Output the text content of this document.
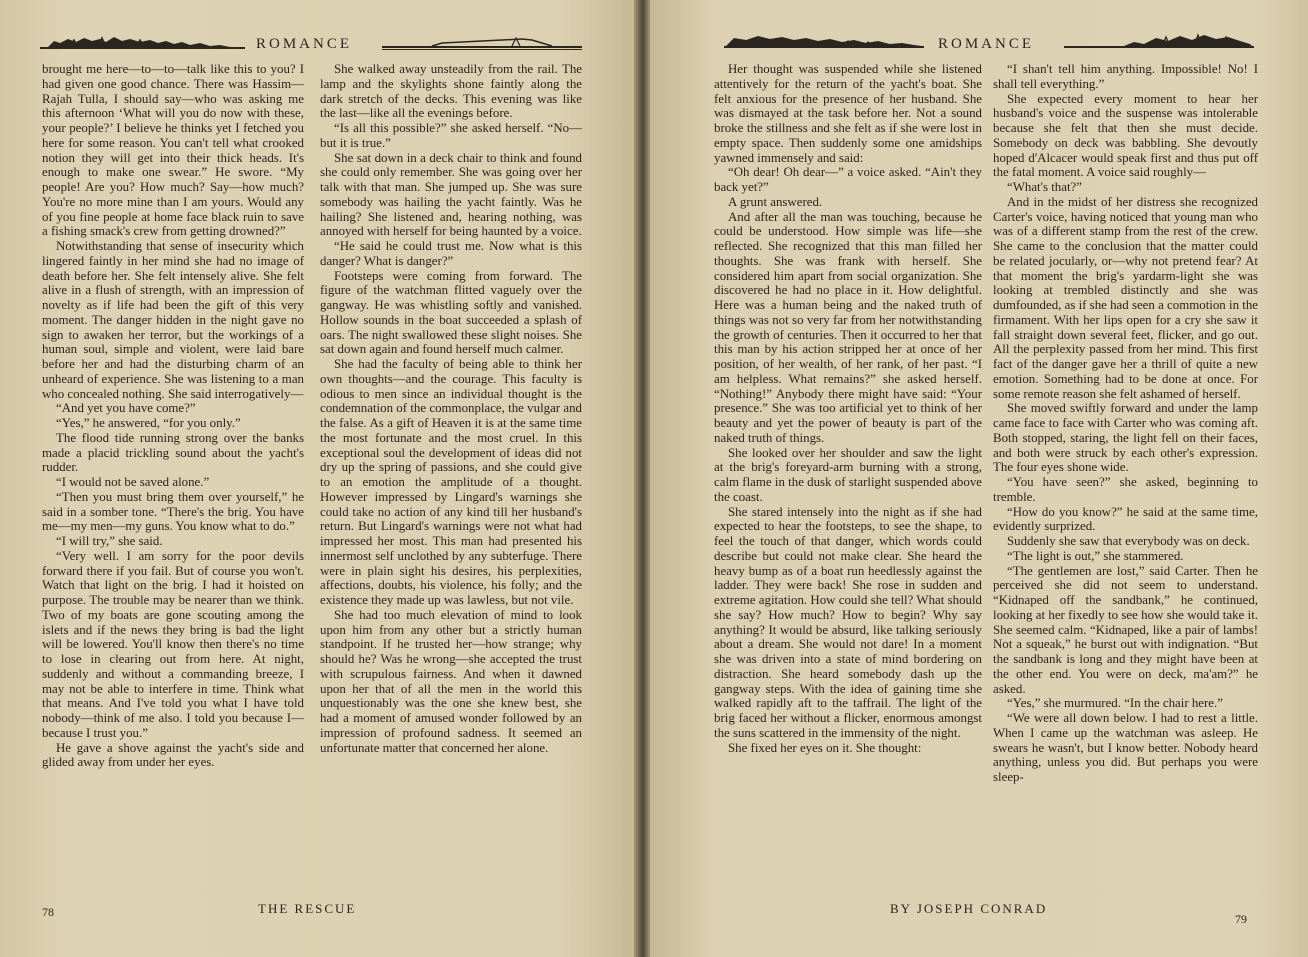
ROMANCE

brought me here—to—to—talk like this to you? I had given one good chance. There was Hassim—Rajah Tulla, I should say—who was asking me this afternoon ‘What will you do now with these, your people?’ I believe he thinks yet I fetched you here for some reason. You can't tell what crooked notion they will get into their thick heads. It's enough to make one swear.” He swore. “My people! Are you? How much? Say—how much? You're no more mine than I am yours. Would any of you fine people at home face black ruin to save a fishing smack's crew from getting drowned?”

Notwithstanding that sense of insecurity which lingered faintly in her mind she had no image of death before her. She felt intensely alive. She felt alive in a flush of strength, with an impression of novelty as if life had been the gift of this very moment. The danger hidden in the night gave no sign to awaken her terror, but the workings of a human soul, simple and violent, were laid bare before her and had the disturbing charm of an unheard of experience. She was listening to a man who concealed nothing. She said interrogatively—

“And yet you have come?”

“Yes,” he answered, “for you only.”

The flood tide running strong over the banks made a placid trickling sound about the yacht's rudder.

“I would not be saved alone.”

“Then you must bring them over yourself,” he said in a somber tone. “There's the brig. You have me—my men—my guns. You know what to do.”

“I will try,” she said.

“Very well. I am sorry for the poor devils forward there if you fail. But of course you won't. Watch that light on the brig. I had it hoisted on purpose. The trouble may be nearer than we think. Two of my boats are gone scouting among the islets and if the news they bring is bad the light will be lowered. You'll know then there's no time to lose in clearing out from here. At night, suddenly and without a commanding breeze, I may not be able to interfere in time. Think what that means. And I've told you what I have told nobody—think of me also. I told you because I—because I trust you.”

He gave a shove against the yacht's side and glided away from under her eyes.

She walked away unsteadily from the rail. The lamp and the skylights shone faintly along the dark stretch of the decks. This evening was like the last—like all the evenings before.

“Is all this possible?” she asked herself. “No—but it is true.”

She sat down in a deck chair to think and found she could only remember. She was going over her talk with that man. She jumped up. She was sure somebody was hailing the yacht faintly. Was he hailing? She listened and, hearing nothing, was annoyed with herself for being haunted by a voice.

“He said he could trust me. Now what is this danger? What is danger?”

Footsteps were coming from forward. The figure of the watchman flitted vaguely over the gangway. He was whistling softly and vanished. Hollow sounds in the boat succeeded a splash of oars. The night swallowed these slight noises. She sat down again and found herself much calmer.

She had the faculty of being able to think her own thoughts—and the courage. This faculty is odious to men since an individual thought is the condemnation of the commonplace, the vulgar and the false. As a gift of Heaven it is at the same time the most fortunate and the most cruel. In this exceptional soul the development of ideas did not dry up the spring of passions, and she could give to an emotion the amplitude of a thought. However impressed by Lingard's warnings she could take no action of any kind till her husband's return. But Lingard's warnings were not what had impressed her most. This man had presented his innermost self unclothed by any subterfuge. There were in plain sight his desires, his perplexities, affections, doubts, his violence, his folly; and the existence they made up was lawless, but not vile.

She had too much elevation of mind to look upon him from any other but a strictly human standpoint. If he trusted her—how strange; why should he? Was he wrong—she accepted the trust with scrupulous fairness. And when it dawned upon her that of all the men in the world this unquestionably was the one she knew best, she had a moment of amused wonder followed by an impression of profound sadness. It seemed an unfortunate matter that concerned her alone.

78	THE RESCUE
ROMANCE

Her thought was suspended while she listened attentively for the return of the yacht's boat. She felt anxious for the presence of her husband. She was dismayed at the task before her. Not a sound broke the stillness and she felt as if she were lost in empty space. Then suddenly some one amidships yawned immensely and said:

“Oh dear! Oh dear—” a voice asked. “Ain't they back yet?”

A grunt answered.

And after all the man was touching, because he could be understood. How simple was life—she reflected. She recognized that this man filled her thoughts. She was frank with herself. She considered him apart from social organization. She discovered he had no place in it. How delightful. Here was a human being and the naked truth of things was not so very far from her notwithstanding the growth of centuries. Then it occurred to her that this man by his action stripped her at once of her position, of her wealth, of her rank, of her past. “I am helpless. What remains?” she asked herself. “Nothing!” Anybody there might have said: “Your presence.” She was too artificial yet to think of her beauty and yet the power of beauty is part of the naked truth of things.

She looked over her shoulder and saw the light at the brig's foreyard-arm burning with a strong, calm flame in the dusk of starlight suspended above the coast.

She stared intensely into the night as if she had expected to hear the footsteps, to see the shape, to feel the touch of that danger, which words could describe but could not make clear. She heard the heavy bump as of a boat run heedlessly against the ladder. They were back! She rose in sudden and extreme agitation. How could she tell? What should she say? How much? How to begin? Why say anything? It would be absurd, like talking seriously about a dream. She would not dare! In a moment she was driven into a state of mind bordering on distraction. She heard somebody dash up the gangway steps. With the idea of gaining time she walked rapidly aft to the taffrail. The light of the brig faced her without a flicker, enormous amongst the suns scattered in the immensity of the night.

She fixed her eyes on it. She thought:

“I shan't tell him anything. Impossible! No! I shall tell everything.”

She expected every moment to hear her husband's voice and the suspense was intolerable because she felt that then she must decide. Somebody on deck was babbling. She devoutly hoped d'Alcacer would speak first and thus put off the fatal moment. A voice said roughly—

“What's that?”

And in the midst of her distress she recognized Carter's voice, having noticed that young man who was of a different stamp from the rest of the crew. She came to the conclusion that the matter could be related jocularly, or—why not pretend fear? At that moment the brig's yardarm-light she was looking at trembled distinctly and she was dumfounded, as if she had seen a commotion in the firmament. With her lips open for a cry she saw it fall straight down several feet, flicker, and go out. All the perplexity passed from her mind. This first fact of the danger gave her a thrill of quite a new emotion. Something had to be done at once. For some remote reason she felt ashamed of herself.

She moved swiftly forward and under the lamp came face to face with Carter who was coming aft. Both stopped, staring, the light fell on their faces, and both were struck by each other's expression. The four eyes shone wide.

“You have seen?” she asked, beginning to tremble.

“How do you know?” he said at the same time, evidently surprized.

Suddenly she saw that everybody was on deck.

“The light is out,” she stammered.

“The gentlemen are lost,” said Carter. Then he perceived she did not seem to understand. “Kidnaped off the sandbank,” he continued, looking at her fixedly to see how she would take it. She seemed calm. “Kidnaped, like a pair of lambs! Not a squeak,” he burst out with indignation. “But the sandbank is long and they might have been at the other end. You were on deck, ma'am?” he asked.

“Yes,” she murmured. “In the chair here.”

“We were all down below. I had to rest a little. When I came up the watchman was asleep. He swears he wasn't, but I know better. Nobody heard anything, unless you did. But perhaps you were sleep-

BY JOSEPH CONRAD
79
